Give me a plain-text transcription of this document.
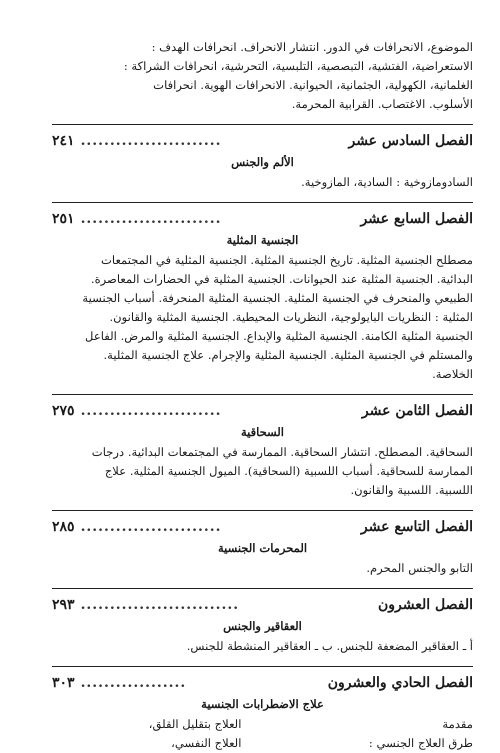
الموضوع، الانحرافات في الدور. انتشار الانحراف. انحرافات الهدف :
الاستعراضية، الفتشية، التبصصية، التلبسية، التحرشية، انحرافات الشراكة :
الغلمانية، الكهولية، الجثمانية، الحيوانية. الانحرافات الهوية. انحرافات
الأسلوب. الاغتصاب. القرابية المحرمة.
الفصل السادس عشر
........................
٢٤١
الألم والجنس
السادومازوخية : السادية، المازوخية.
الفصل السابع عشر
........................
٢٥١
الجنسية المثلية
مصطلح الجنسية المثلية. تاريخ الجنسية المثلية. الجنسية المثلية في المجتمعات
البدائية. الجنسية المثلية عند الحيوانات. الجنسية المثلية في الحضارات المعاصرة.
الطبيعي والمنحرف في الجنسية المثلية. الجنسية المثلية المنحرفة. أسباب الجنسية
المثلية : النظريات البايولوجية، النظريات المحيطية. الجنسية المثلية والقانون.
الجنسية المثلية الكامنة. الجنسية المثلية والإبداع. الجنسية المثلية والمرض. الفاعل
والمستلم في الجنسية المثلية. الجنسية المثلية والإجرام. علاج الجنسية المثلية.
الخلاصة.
الفصل الثامن عشر
........................
٢٧٥
السحاقية
السحاقية. المصطلح. انتشار السحاقية. الممارسة في المجتمعات البدائية. درجات
الممارسة للسحاقية. أسباب اللسبية (السحاقية). الميول الجنسية المثلية. علاج
اللسبية. اللسبية والقانون.
الفصل التاسع عشر
........................
٢٨٥
المحرمات الجنسية
التابو والجنس المحرم.
الفصل العشرون
...........................
٢٩٣
العقاقير والجنس
أ ـ العقاقير المضعفة للجنس. ب ـ العقاقير المنشطة للجنس.
الفصل الحادي والعشرون
..................
٣٠٣
علاج الاضطرابات الجنسية
مقدمة
طرق العلاج الجنسي :
العلاج بتقليل القلق،
العلاج النفسي،
